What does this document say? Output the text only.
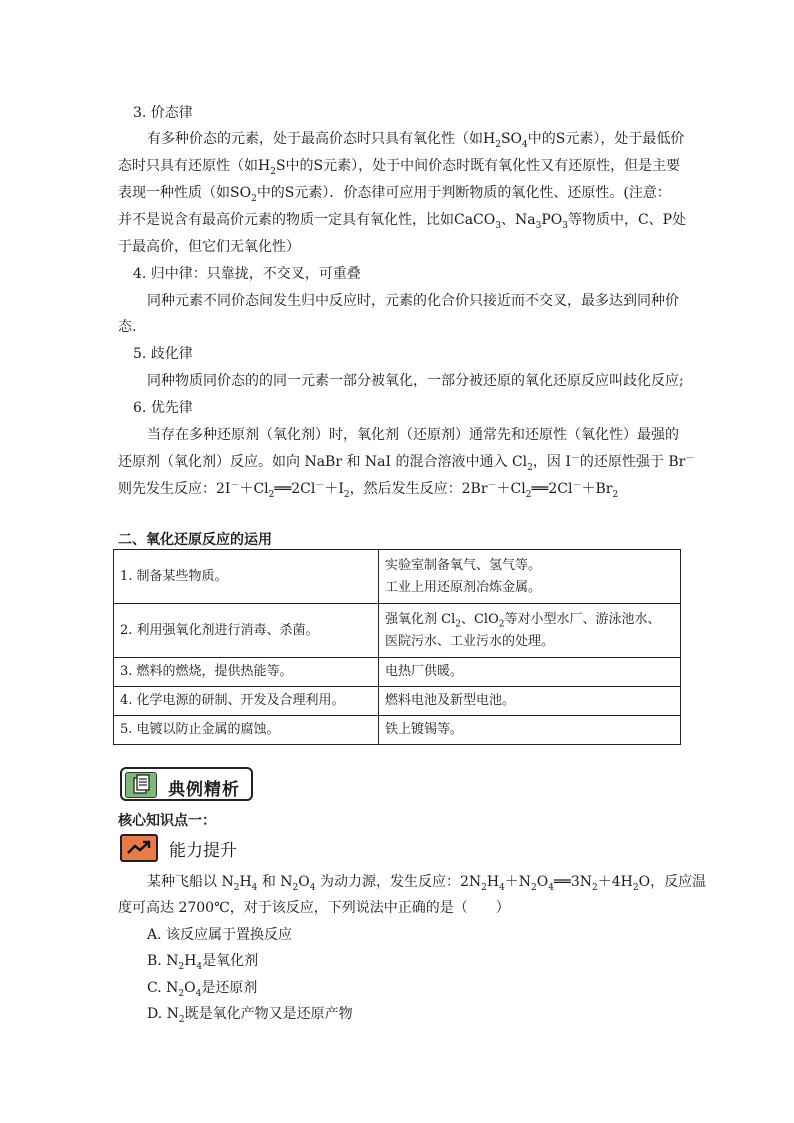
3. 价态律
有多种价态的元素，处于最高价态时只具有氧化性（如$H_2SO_4$中的S元素），处于最低价
态时只具有还原性（如$H_2S$中的S元素），处于中间价态时既有氧化性又有还原性，但是主要
表现一种性质（如$SO_2$中的S元素）．价态律可应用于判断物质的氧化性、还原性。(注意：
并不是说含有最高价元素的物质一定具有氧化性，比如CaCO$_3$、$Na_3PO_3$等物质中，C、P处
于最高价，但它们无氧化性）
4. 归中律：只靠拢，不交叉，可重叠
同种元素不同价态间发生归中反应时，元素的化合价只接近而不交叉，最多达到同种价
态.
5. 歧化律
同种物质同价态的的同一元素一部分被氧化，一部分被还原的氧化还原反应叫歧化反应;
6. 优先律
当存在多种还原剂（氧化剂）时，氧化剂（还原剂）通常先和还原性（氧化性）最强的
还原剂（氧化剂）反应。如向 NaBr 和 NaI 的混合溶液中通入 $Cl_2$，因 I－的还原性强于 Br－
则先发生反应：$2I^-+Cl_2══2Cl^-+I_2$，然后发生反应：$2Br^-+Cl_2══2Cl^-+Br_2$
二、氧化还原反应的运用
1. 制备某些物质。	实验室制备氧气、氢气等。
工业上用还原剂冶炼金属。

2. 利用强氧化剂进行消毒、杀菌。	强氧化剂 $Cl_2$、ClO$_2$等对小型水厂、游泳池水、
医院污水、工业污水的处理。

3. 燃料的燃烧，提供热能等。	电热厂供暖。
4. 化学电源的研制、开发及合理利用。	燃料电池及新型电池。
5. 电镀以防止金属的腐蚀。	铁上镀锡等。
典例精析
核心知识点一：
能力提升
某种飞船以 $N_2H_4$ 和 $N_2O_4$ 为动力源，发生反应：$2N_2H_4+N_2O_4══3N_2+4H_2O$，反应温
度可高达 2700℃，对于该反应，下列说法中正确的是（　　）
A. 该反应属于置换反应
B. $N_2H_4$是氧化剂
C. $N_2O_4$是还原剂
D. $N_2$既是氧化产物又是还原产物
